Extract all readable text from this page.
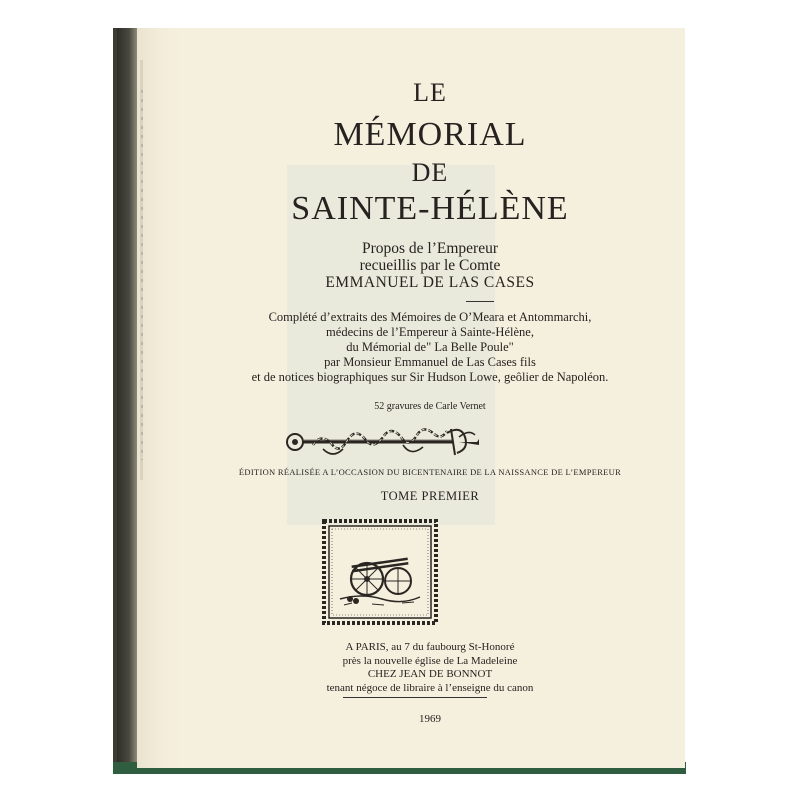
LE
MÉMORIAL
DE
SAINTE-HÉLÈNE
Propos de l’Empereur
recueillis par le Comte
EMMANUEL DE LAS CASES
Complété d’extraits des Mémoires de O’Meara et Antommarchi,
médecins de l’Empereur à Sainte-Hélène,
du Mémorial de" La Belle Poule"
par Monsieur Emmanuel de Las Cases fils
et de notices biographiques sur Sir Hudson Lowe, geôlier de Napoléon.
52 gravures de Carle Vernet
ÉDITION RÉALISÉE A L’OCCASION DU BICENTENAIRE DE LA NAISSANCE DE L’EMPEREUR
TOME PREMIER
A PARIS, au 7 du faubourg St-Honoré
près la nouvelle église de La Madeleine
CHEZ JEAN DE BONNOT
tenant négoce de libraire à l’enseigne du canon
1969
